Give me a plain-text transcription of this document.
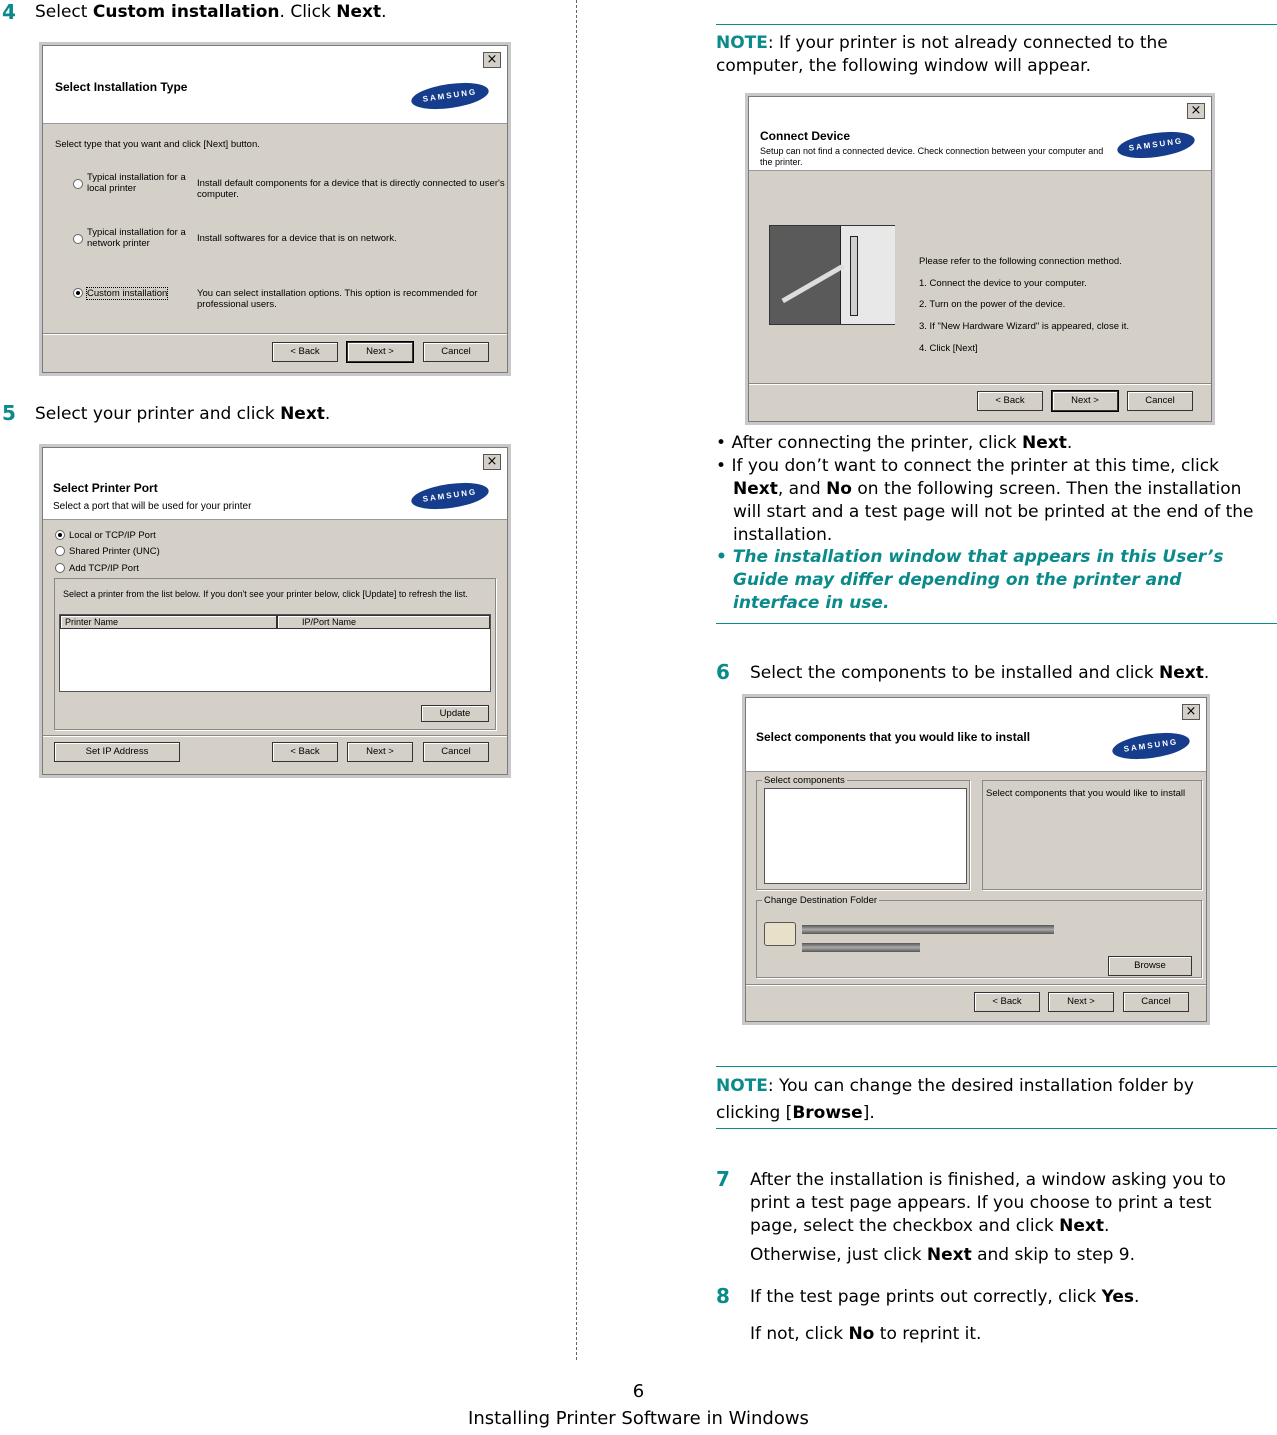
4 Select Custom installation. Click Next.
×
Select Installation Type
SAMSUNG
Select type that you want and click [Next] button.
Typical installation for a
local printer	Install default components for a device that is directly connected to user's
computer.
Typical installation for a
network printer	Install softwares for a device that is on network.
Custom installation	You can select installation options. This option is recommended for
professional users.
< Back	Next >	Cancel
5 Select your printer and click Next.
×
Select Printer Port
Select a port that will be used for your printer
SAMSUNG
Local or TCP/IP Port
Shared Printer (UNC)
Add TCP/IP Port
Select a printer from the list below. If you don't see your printer below, click [Update] to refresh the list.
Printer Name	IP/Port Name
Update
Set IP Address	< Back	Next >	Cancel
NOTE: If your printer is not already connected to the
computer, the following window will appear.
×
Connect Device
Setup can not find a connected device. Check connection between your computer and
the printer.
SAMSUNG
Please refer to the following connection method.
1. Connect the device to your computer.
2. Turn on the power of the device.
3. If "New Hardware Wizard" is appeared, close it.
4. Click [Next]
< Back	Next >	Cancel
• After connecting the printer, click Next.
• If you don’t want to connect the printer at this time, click
Next, and No on the following screen. Then the installation
will start and a test page will not be printed at the end of the
installation.
• The installation window that appears in this User’s
Guide may differ depending on the printer and
interface in use.
6 Select the components to be installed and click Next.
×
Select components that you would like to install
SAMSUNG
Select components
Select components that you would like to install
Change Destination Folder
Browse
< Back	Next >	Cancel
NOTE: You can change the desired installation folder by
clicking [Browse].
7 After the installation is finished, a window asking you to
print a test page appears. If you choose to print a test
page, select the checkbox and click Next.
Otherwise, just click Next and skip to step 9.
8 If the test page prints out correctly, click Yes.
If not, click No to reprint it.
6
Installing Printer Software in Windows
